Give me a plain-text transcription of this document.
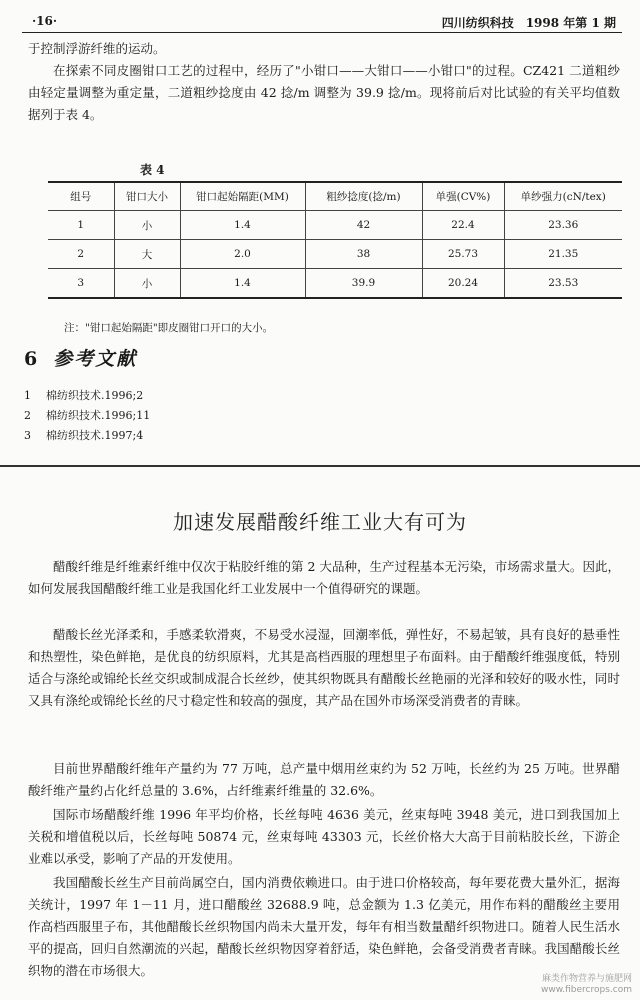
·16·	四川纺织科技　1998 年第 1 期

于控制浮游纤维的运动。

在探索不同皮圈钳口工艺的过程中，经历了"小钳口——大钳口——小钳口"的过程。CZ421 二道粗纱由轻定量调整为重定量，二道粗纱捻度由 42 捻/m 调整为 39.9 捻/m。现将前后对比试验的有关平均值数据列于表 4。

表 4
组号	钳口大小	钳口起始隔距(MM)	粗纱捻度(捻/m)	单强(CV%)	单纱强力(cN/tex)
1	小	1.4	42	22.4	23.36
2	大	2.0	38	25.73	21.35
3	小	1.4	39.9	20.24	23.53
注："钳口起始隔距"即皮圈钳口开口的大小。
6 参考文献
1 棉纺织技术.1996;2
2 棉纺织技术.1996;11
3 棉纺织技术.1997;4
加速发展醋酸纤维工业大有可为

醋酸纤维是纤维素纤维中仅次于粘胶纤维的第 2 大品种，生产过程基本无污染，市场需求量大。因此，如何发展我国醋酸纤维工业是我国化纤工业发展中一个值得研究的课题。

醋酸长丝光泽柔和，手感柔软滑爽，不易受水浸湿，回潮率低，弹性好，不易起皱，具有良好的悬垂性和热塑性，染色鲜艳，是优良的纺织原料，尤其是高档西服的理想里子布面料。由于醋酸纤维强度低，特别适合与涤纶或锦纶长丝交织或制成混合长丝纱，使其织物既具有醋酸长丝艳丽的光泽和较好的吸水性，同时又具有涤纶或锦纶长丝的尺寸稳定性和较高的强度，其产品在国外市场深受消费者的青睐。

目前世界醋酸纤维年产量约为 77 万吨，总产量中烟用丝束约为 52 万吨，长丝约为 25 万吨。世界醋酸纤维产量约占化纤总量的 3.6%，占纤维素纤维量的 32.6%。

国际市场醋酸纤维 1996 年平均价格，长丝每吨 4636 美元，丝束每吨 3948 美元，进口到我国加上关税和增值税以后，长丝每吨 50874 元，丝束每吨 43303 元，长丝价格大大高于目前粘胶长丝，下游企业难以承受，影响了产品的开发使用。

我国醋酸长丝生产目前尚属空白，国内消费依赖进口。由于进口价格较高，每年要花费大量外汇，据海关统计，1997 年 1－11 月，进口醋酸丝 32688.9 吨，总金额为 1.3 亿美元，用作布料的醋酸丝主要用作高档西服里子布，其他醋酸长丝织物国内尚未大量开发，每年有相当数量醋纤织物进口。随着人民生活水平的提高，回归自然潮流的兴起，醋酸长丝织物因穿着舒适，染色鲜艳，会备受消费者青睐。我国醋酸长丝织物的潜在市场很大。

麻类作物营养与施肥网
www.fibercrops.com
